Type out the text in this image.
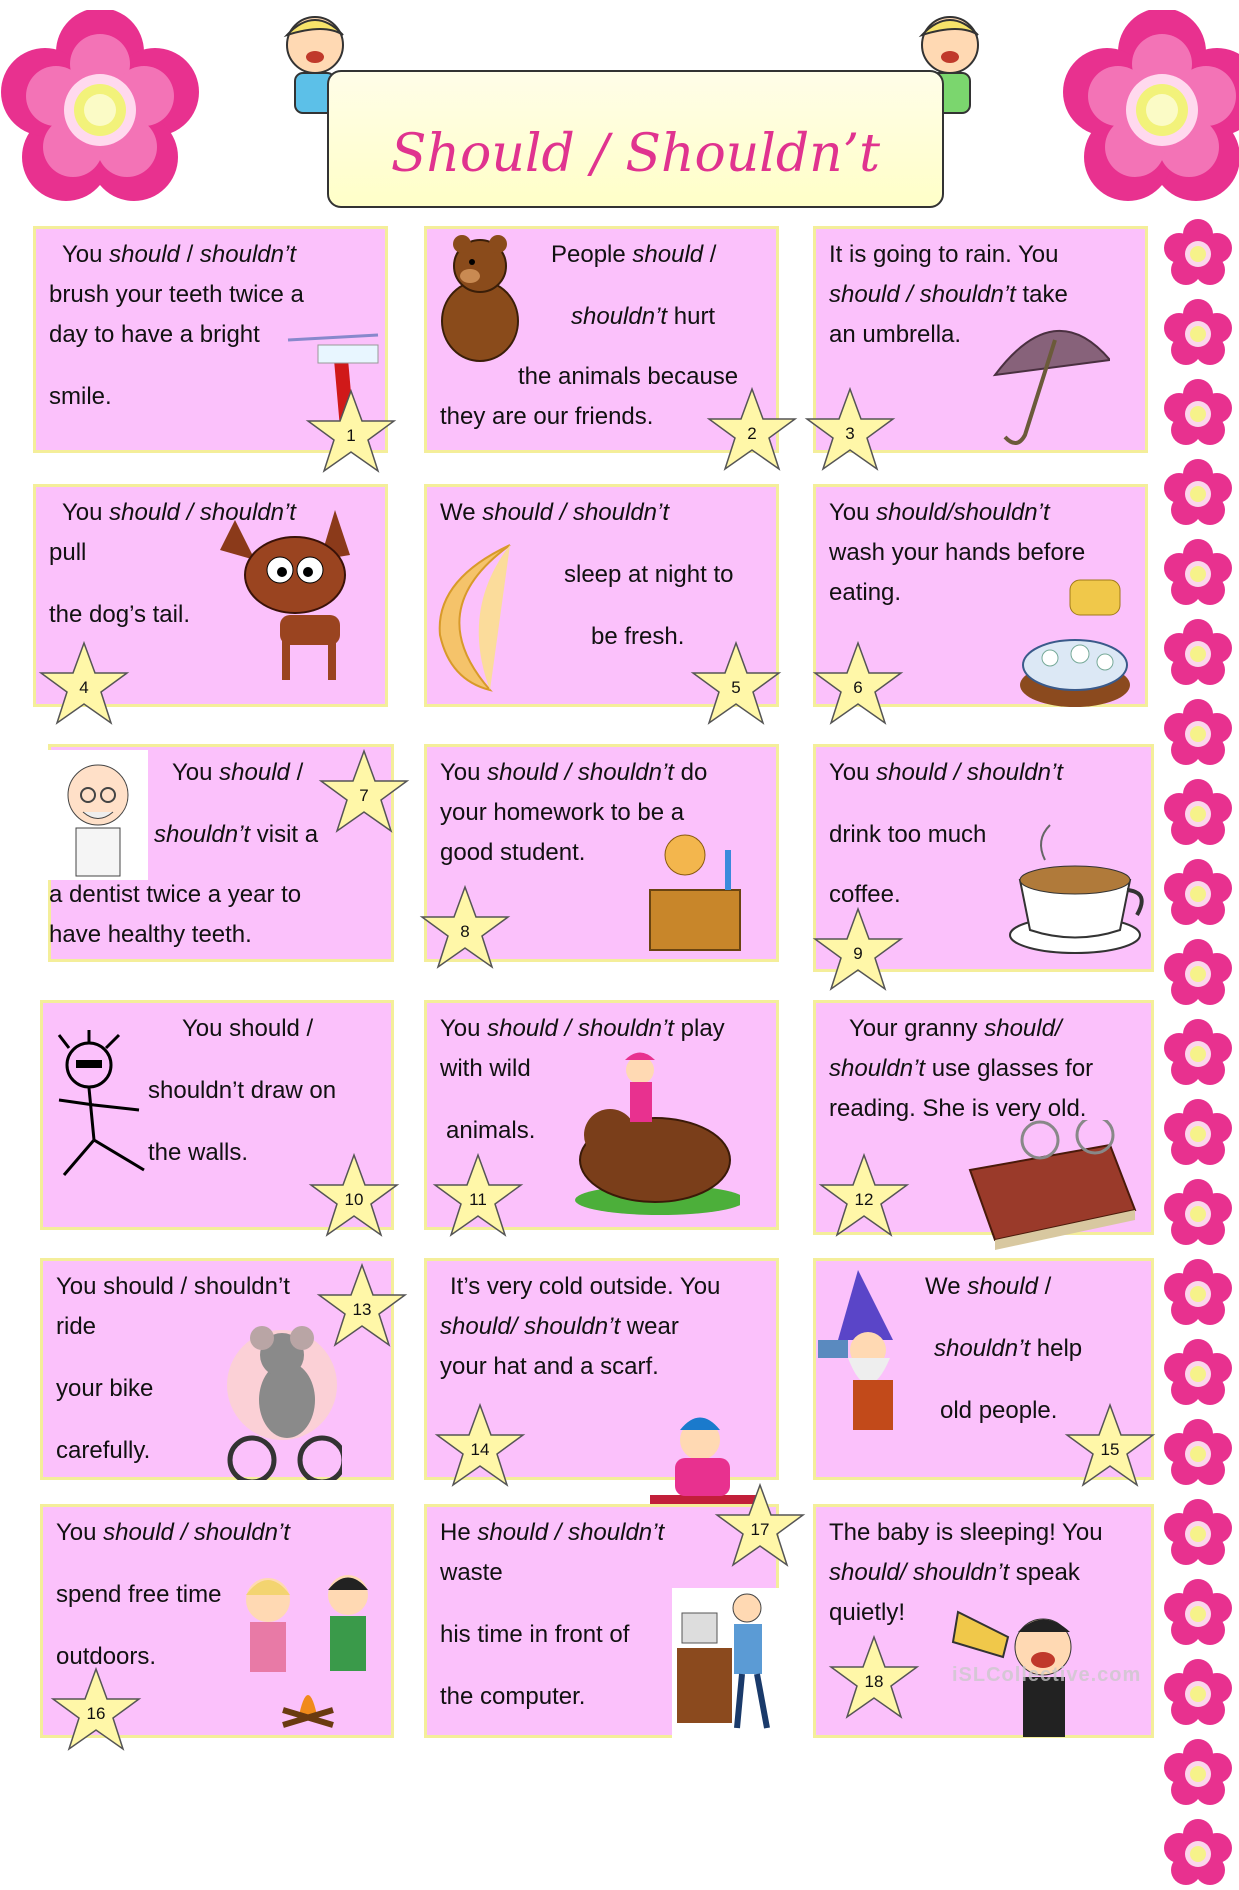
Should / Shouldn’t
You should / shouldn’t
brush your teeth twice a
day to have a bright
smile.
1
People should /
shouldn’t hurt
the animals because
they are our friends.
2
It is going to rain. You
should / shouldn’t take
an umbrella.
3
You should / shouldn’t
pull
the dog’s tail.
4
We should / shouldn’t
sleep at night to
be fresh.
5
You should/shouldn’t
wash your hands before
eating.
6
You should /
shouldn’t visit a
a dentist twice a year to
have healthy teeth.
7
You should / shouldn’t do
your homework to be a
good student.
8
You should / shouldn’t
drink too much
coffee.
9
You should /
shouldn’t draw on
the walls.
10
You should / shouldn’t play
with wild
animals.
11
Your granny should/
shouldn’t use glasses for
reading. She is very old.
12
You should / shouldn’t
ride
your bike
carefully.
13
It’s very cold outside. You
should/ shouldn’t wear
your hat and a scarf.
14
We should /
shouldn’t help
old people.
15
You should / shouldn’t
spend free time
outdoors.
16
He should / shouldn’t
waste
his time in front of
the computer.
17	The baby is sleeping! You
should/ shouldn’t speak
quietly!
18	iSLCollective.com
